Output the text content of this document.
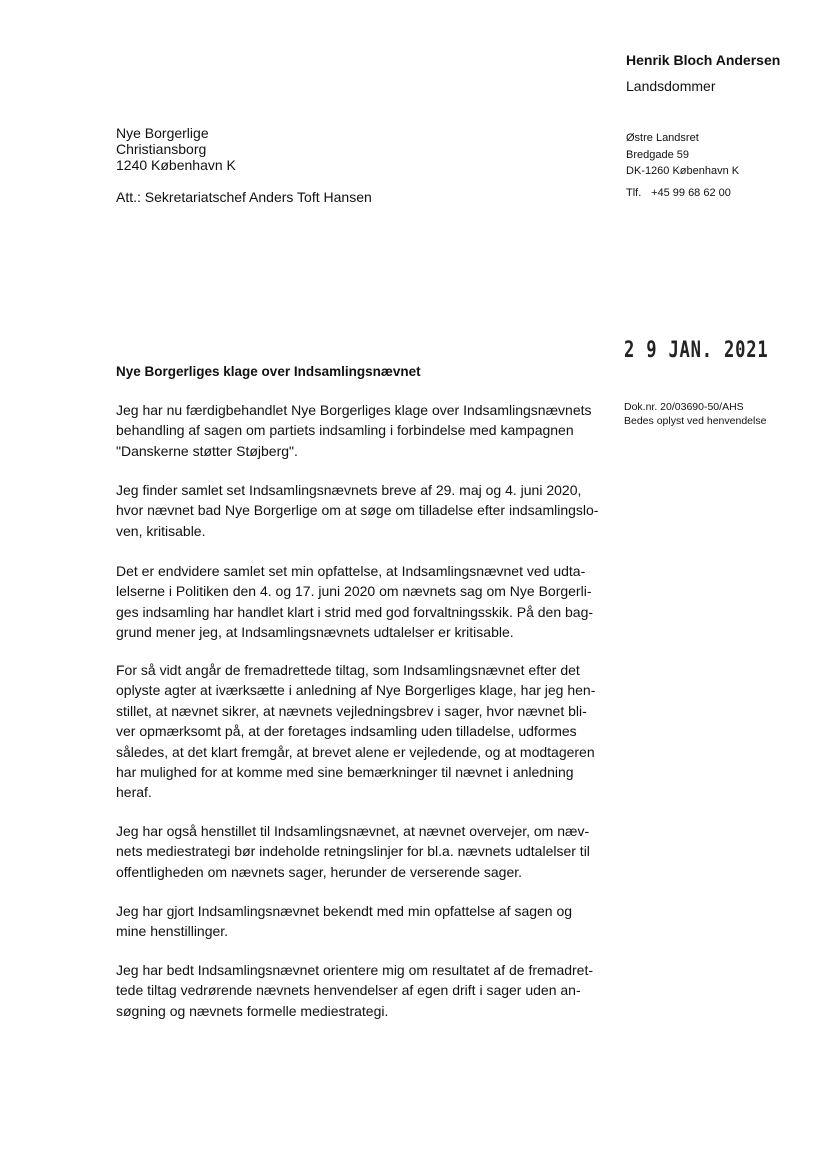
Henrik Bloch Andersen
Landsdommer
Østre Landsret
Bredgade 59
DK-1260 København K
Tlf. +45 99 68 62 00
2 9 JAN. 2021
Dok.nr. 20/03690-50/AHS
Bedes oplyst ved henvendelse
Nye Borgerlige
Christiansborg
1240 København K
Att.: Sekretariatschef Anders Toft Hansen
Nye Borgerliges klage over Indsamlingsnævnet
Jeg har nu færdigbehandlet Nye Borgerliges klage over Indsamlingsnævnets
behandling af sagen om partiets indsamling i forbindelse med kampagnen
"Danskerne støtter Støjberg".
Jeg finder samlet set Indsamlingsnævnets breve af 29. maj og 4. juni 2020,
hvor nævnet bad Nye Borgerlige om at søge om tilladelse efter indsamlingslo-
ven, kritisable.
Det er endvidere samlet set min opfattelse, at Indsamlingsnævnet ved udta-
lelserne i Politiken den 4. og 17. juni 2020 om nævnets sag om Nye Borgerli-
ges indsamling har handlet klart i strid med god forvaltningsskik. På den bag-
grund mener jeg, at Indsamlingsnævnets udtalelser er kritisable.
For så vidt angår de fremadrettede tiltag, som Indsamlingsnævnet efter det
oplyste agter at iværksætte i anledning af Nye Borgerliges klage, har jeg hen-
stillet, at nævnet sikrer, at nævnets vejledningsbrev i sager, hvor nævnet bli-
ver opmærksomt på, at der foretages indsamling uden tilladelse, udformes
således, at det klart fremgår, at brevet alene er vejledende, og at modtageren
har mulighed for at komme med sine bemærkninger til nævnet i anledning
heraf.
Jeg har også henstillet til Indsamlingsnævnet, at nævnet overvejer, om næv-
nets mediestrategi bør indeholde retningslinjer for bl.a. nævnets udtalelser til
offentligheden om nævnets sager, herunder de verserende sager.
Jeg har gjort Indsamlingsnævnet bekendt med min opfattelse af sagen og
mine henstillinger.
Jeg har bedt Indsamlingsnævnet orientere mig om resultatet af de fremadret-
tede tiltag vedrørende nævnets henvendelser af egen drift i sager uden an-
søgning og nævnets formelle mediestrategi.
